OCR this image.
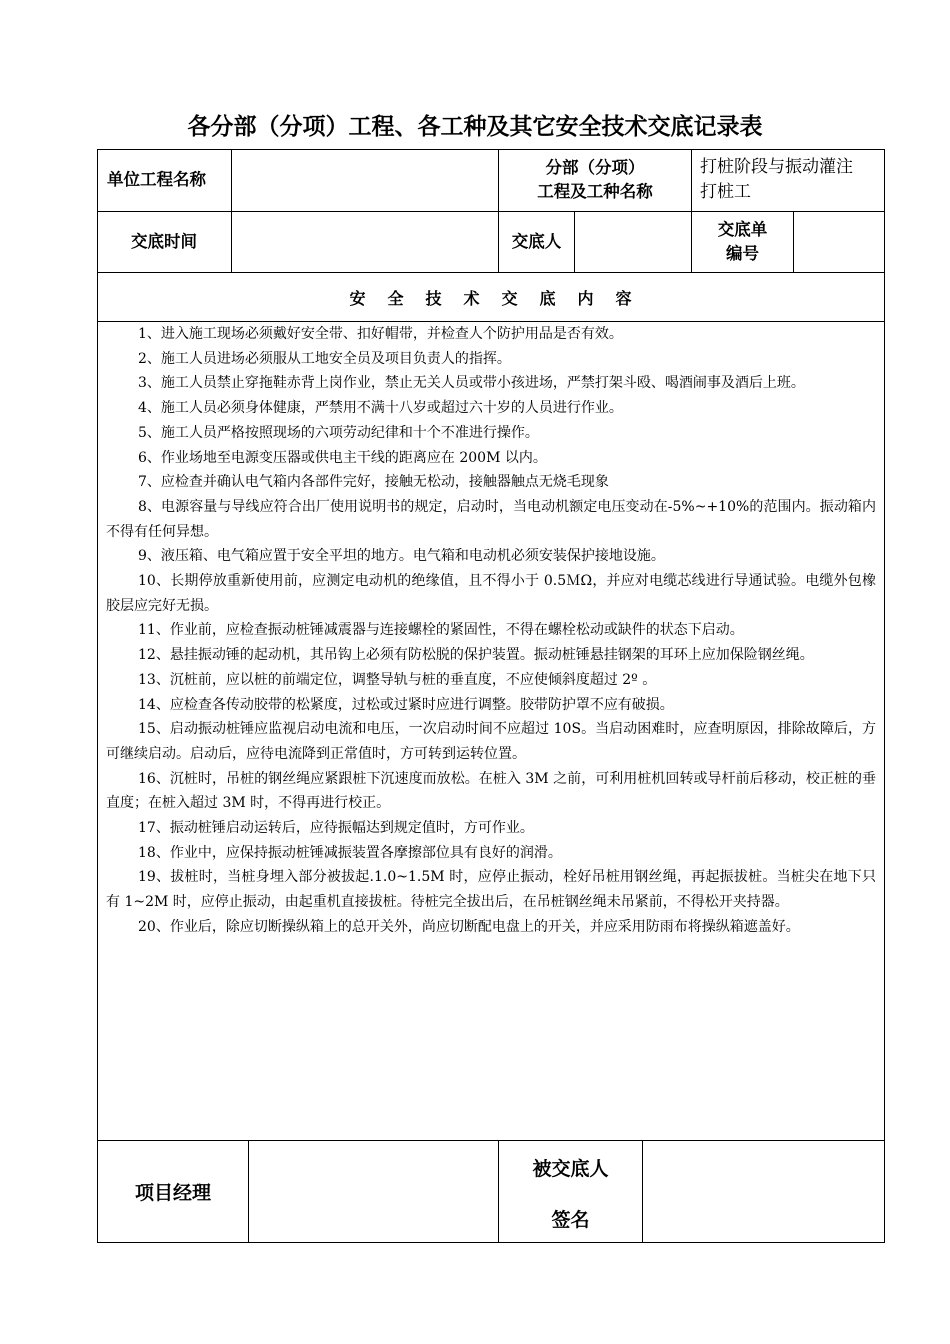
各分部（分项）工程、各工种及其它安全技术交底记录表
单位工程名称
分部（分项）
工程及工种名称
打桩阶段与振动灌注
打桩工
交底时间	交底人
交底单
编号
安全技术交底内容

1、进入施工现场必须戴好安全带、扣好帽带，并检查人个防护用品是否有效。

2、施工人员进场必须服从工地安全员及项目负责人的指挥。

3、施工人员禁止穿拖鞋赤背上岗作业，禁止无关人员或带小孩进场，严禁打架斗殴、喝酒闹事及酒后上班。

4、施工人员必须身体健康，严禁用不满十八岁或超过六十岁的人员进行作业。

5、施工人员严格按照现场的六项劳动纪律和十个不准进行操作。

6、作业场地至电源变压器或供电主干线的距离应在 200M 以内。

7、应检查并确认电气箱内各部件完好，接触无松动，接触器触点无烧毛现象

8、电源容量与导线应符合出厂使用说明书的规定，启动时，当电动机额定电压变动在-5%~+10%的范围内。振动箱内不得有任何异想。

9、液压箱、电气箱应置于安全平坦的地方。电气箱和电动机必须安装保护接地设施。

10、长期停放重新使用前，应测定电动机的绝缘值，且不得小于 0.5ＭΩ，并应对电缆芯线进行导通试验。电缆外包橡胶层应完好无损。

11、作业前，应检查振动桩锤减震器与连接螺栓的紧固性，不得在螺栓松动或缺件的状态下启动。

12、悬挂振动锤的起动机，其吊钩上必须有防松脱的保护装置。振动桩锤悬挂钢架的耳环上应加保险钢丝绳。

13、沉桩前，应以桩的前端定位，调整导轨与桩的垂直度，不应使倾斜度超过 2º 。

14、应检查各传动胶带的松紧度，过松或过紧时应进行调整。胶带防护罩不应有破损。

15、启动振动桩锤应监视启动电流和电压，一次启动时间不应超过 10S。当启动困难时，应查明原因，排除故障后，方可继续启动。启动后，应待电流降到正常值时，方可转到运转位置。

16、沉桩时，吊桩的钢丝绳应紧跟桩下沉速度而放松。在桩入 3M 之前，可利用桩机回转或导杆前后移动，校正桩的垂直度；在桩入超过 3M 时，不得再进行校正。

17、振动桩锤启动运转后，应待振幅达到规定值时，方可作业。

18、作业中，应保持振动桩锤减振装置各摩擦部位具有良好的润滑。

19、拔桩时，当桩身埋入部分被拔起.1.0~1.5M 时，应停止振动，栓好吊桩用钢丝绳，再起振拔桩。当桩尖在地下只有 1~2M 时，应停止振动，由起重机直接拔桩。待桩完全拔出后，在吊桩钢丝绳未吊紧前，不得松开夹持器。

20、作业后，除应切断操纵箱上的总开关外，尚应切断配电盘上的开关，并应采用防雨布将操纵箱遮盖好。

项目经理
被交底人
签名
